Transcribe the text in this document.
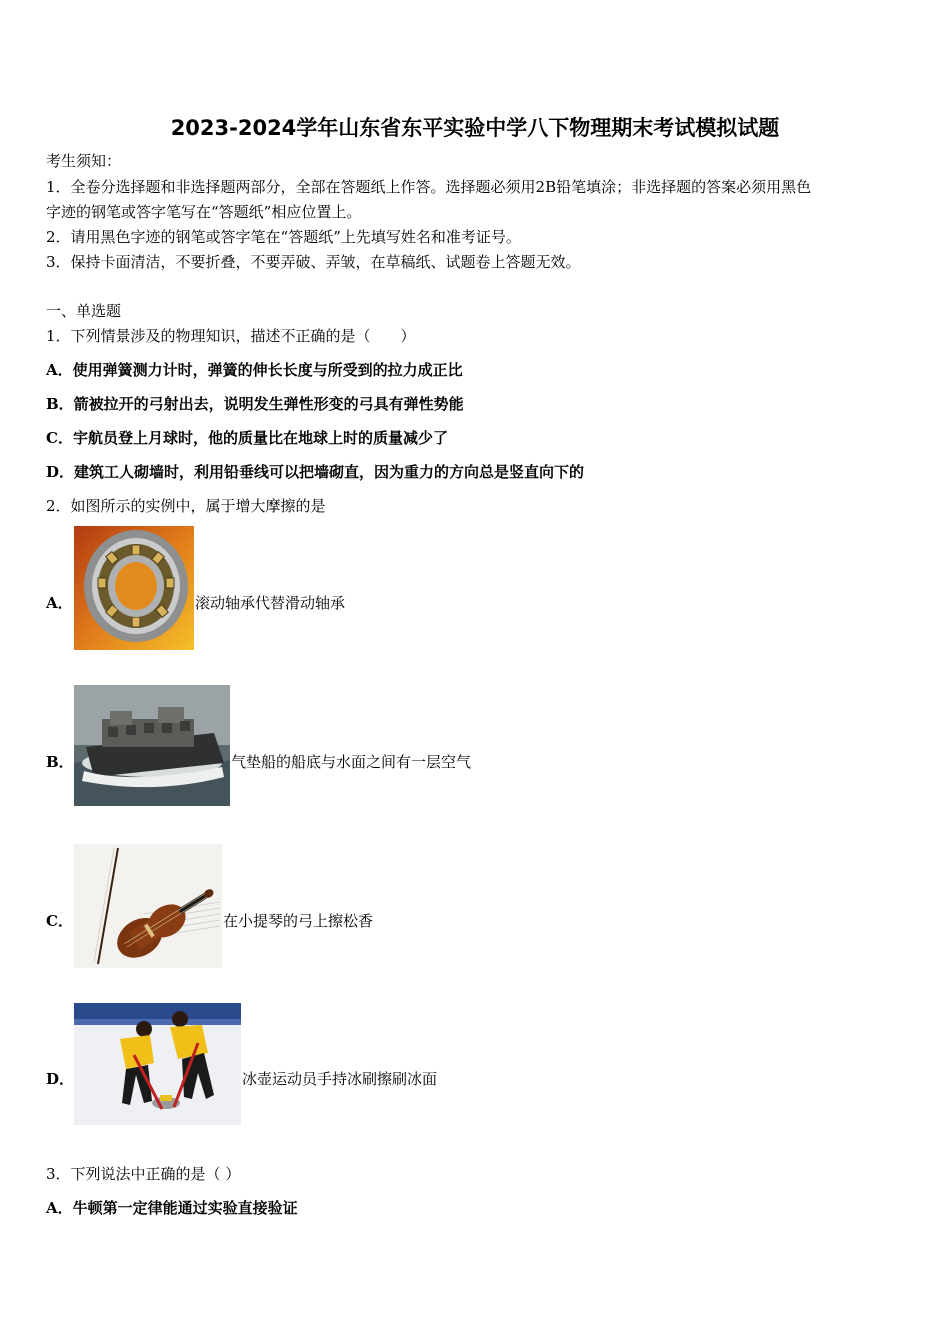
2023-2024学年山东省东平实验中学八下物理期末考试模拟试题
考生须知：
1．全卷分选择题和非选择题两部分，全部在答题纸上作答。选择题必须用2B铅笔填涂；非选择题的答案必须用黑色
字迹的钢笔或答字笔写在“答题纸”相应位置上。
2．请用黑色字迹的钢笔或答字笔在“答题纸”上先填写姓名和准考证号。
3．保持卡面清洁，不要折叠，不要弄破、弄皱，在草稿纸、试题卷上答题无效。
一、单选题
1．下列情景涉及的物理知识，描述不正确的是（　　）
A．使用弹簧测力计时，弹簧的伸长长度与所受到的拉力成正比
B．箭被拉开的弓射出去，说明发生弹性形变的弓具有弹性势能
C．宇航员登上月球时，他的质量比在地球上时的质量减少了
D．建筑工人砌墙时，利用铅垂线可以把墙砌直，因为重力的方向总是竖直向下的
2．如图所示的实例中，属于增大摩擦的是
A．	滚动轴承代替滑动轴承
B．	气垫船的船底与水面之间有一层空气
C．	在小提琴的弓上擦松香
D．	冰壶运动员手持冰刷擦刷冰面
3．下列说法中正确的是（ ）
A．牛顿第一定律能通过实验直接验证
